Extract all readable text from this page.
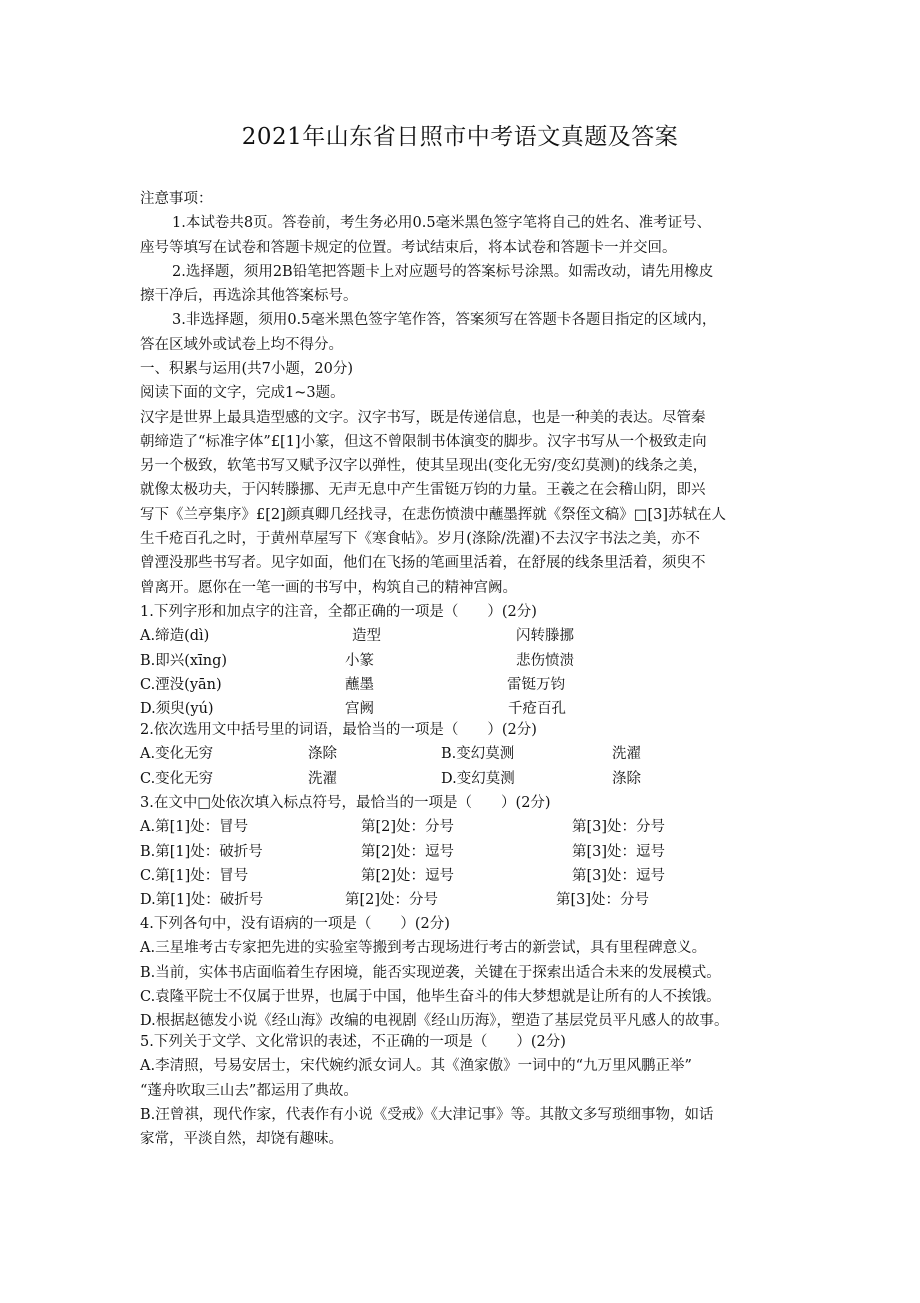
2021年山东省日照市中考语文真题及答案
注意事项：
1.本试卷共8页。答卷前，考生务必用0.5毫米黑色签字笔将自己的姓名、准考证号、
座号等填写在试卷和答题卡规定的位置。考试结束后，将本试卷和答题卡一并交回。
2.选择题，须用2B铅笔把答题卡上对应题号的答案标号涂黑。如需改动，请先用橡皮
擦干净后，再选涂其他答案标号。
3.非选择题，须用0.5毫米黑色签字笔作答，答案须写在答题卡各题目指定的区域内，
答在区域外或试卷上均不得分。
一、积累与运用(共7小题，20分)
阅读下面的文字，完成1~3题。
汉字是世界上最具造型感的文字。汉字书写，既是传递信息，也是一种美的表达。尽管秦
朝缔造了“标准字体”£[1]小篆，但这不曾限制书体演变的脚步。汉字书写从一个极致走向
另一个极致，软笔书写又赋予汉字以弹性，使其呈现出(变化无穷/变幻莫测)的线条之美，
就像太极功夫，于闪转滕挪、无声无息中产生雷铤万钧的力量。王羲之在会稽山阴，即兴
写下《兰亭集序》£[2]颜真卿几经找寻，在悲伤愤溃中蘸墨挥就《祭侄文稿》□[3]苏轼在人
生千疮百孔之时，于黄州草屋写下《寒食帖》。岁月(涤除/洗濯)不去汉字书法之美，亦不
曾湮没那些书写者。见字如面，他们在飞扬的笔画里活着，在舒展的线条里活着，须臾不
曾离开。愿你在一笔一画的书写中，构筑自己的精神宫阙。
1.下列字形和加点字的注音，全都正确的一项是（　　）(2分)
A.缔造(dì)	造型	闪转滕挪
B.即兴(xīng)	小篆	悲伤愤溃
C.湮没(yān)	蘸墨	雷铤万钧
D.须臾(yú)	宫阙	千疮百孔
2.依次选用文中括号里的词语，最恰当的一项是（　　）(2分)
A.变化无穷	涤除	B.变幻莫测	洗濯
C.变化无穷	洗濯	D.变幻莫测	涤除
3.在文中□处依次填入标点符号，最恰当的一项是（　　）(2分)
A.第[1]处：冒号	第[2]处：分号	第[3]处：分号
B.第[1]处：破折号	第[2]处：逗号	第[3]处：逗号
C.第[1]处：冒号	第[2]处：逗号	第[3]处：逗号
D.第[1]处：破折号	第[2]处：分号	第[3]处：分号
4.下列各句中，没有语病的一项是（　　）(2分)
A.三星堆考古专家把先进的实验室等搬到考古现场进行考古的新尝试，具有里程碑意义。
B.当前，实体书店面临着生存困境，能否实现逆袭，关键在于探索出适合未来的发展模式。
C.袁隆平院士不仅属于世界，也属于中国，他毕生奋斗的伟大梦想就是让所有的人不挨饿。
D.根据赵德发小说《经山海》改编的电视剧《经山历海》，塑造了基层党员平凡感人的故事。
5.下列关于文学、文化常识的表述，不正确的一项是（　　）(2分)
A.李清照，号易安居士，宋代婉约派女词人。其《渔家傲》一词中的“九万里风鹏正举”
“蓬舟吹取三山去”都运用了典故。
B.汪曾祺，现代作家，代表作有小说《受戒》《大津记事》等。其散文多写琐细事物，如话
家常，平淡自然，却饶有趣味。
